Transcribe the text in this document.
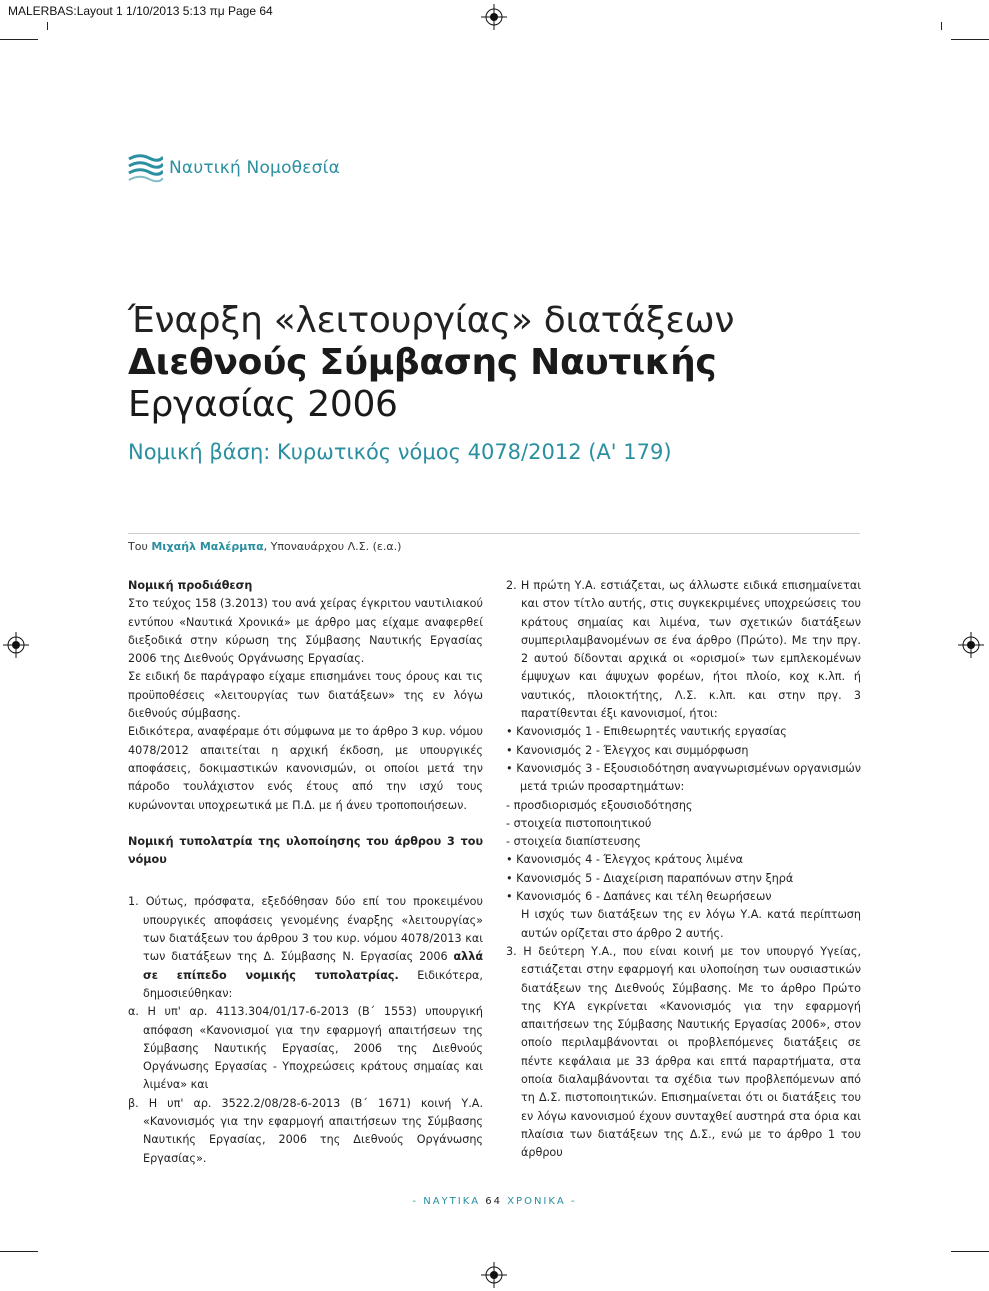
MALERBAS:Layout 1 1/10/2013 5:13 πμ Page 64
Ναυτική Νομοθεσία
Έναρξη «λειτουργίας» διατάξεων
Διεθνούς Σύμβασης Ναυτικής
Εργασίας 2006
Νομική βάση: Κυρωτικός νόμος 4078/2012 (Α' 179)
Του Μιχαήλ Μαλέρμπα, Υποναυάρχου Λ.Σ. (ε.α.)

Νομική προδιάθεση

Στο τεύχος 158 (3.2013) του ανά χείρας έγκριτου ναυτιλιακού εντύπου «Ναυτικά Χρονικά» με άρθρο μας είχαμε αναφερθεί διεξοδικά στην κύρωση της Σύμβασης Ναυτικής Εργασίας 2006 της Διεθνούς Οργάνωσης Εργασίας.

Σε ειδική δε παράγραφο είχαμε επισημάνει τους όρους και τις προϋποθέσεις «λειτουργίας των διατάξεων» της εν λόγω διεθνούς σύμβασης.

Ειδικότερα, αναφέραμε ότι σύμφωνα με το άρθρο 3 κυρ. νόμου 4078/2012 απαιτείται η αρχική έκδοση, με υπουργικές αποφάσεις, δοκιμαστικών κανονισμών, οι οποίοι μετά την πάροδο τουλάχιστον ενός έτους από την ισχύ τους κυρώνονται υποχρεωτικά με Π.Δ. με ή άνευ τροποποιήσεων.

Νομική τυπολατρία της υλοποίησης του άρθρου 3 του νόμου

1. Ούτως, πρόσφατα, εξεδόθησαν δύο επί του προκειμένου υπουργικές αποφάσεις γενομένης έναρξης «λειτουργίας» των διατάξεων του άρθρου 3 του κυρ. νόμου 4078/2013 και των διατάξεων της Δ. Σύμβασης Ν. Εργασίας 2006 αλλά σε επίπεδο νομικής τυπολατρίας. Ειδικότερα, δημοσιεύθηκαν:

α. Η υπ' αρ. 4113.304/01/17-6-2013 (Β΄ 1553) υπουργική απόφαση «Κανονισμοί για την εφαρμογή απαιτήσεων της Σύμβασης Ναυτικής Εργασίας, 2006 της Διεθνούς Οργάνωσης Εργασίας - Υποχρεώσεις κράτους σημαίας και λιμένα» και

β. Η υπ' αρ. 3522.2/08/28-6-2013 (Β΄ 1671) κοινή Υ.Α. «Κανονισμός για την εφαρμογή απαιτήσεων της Σύμβασης Ναυτικής Εργασίας, 2006 της Διεθνούς Οργάνωσης Εργασίας».

2. Η πρώτη Υ.Α. εστιάζεται, ως άλλωστε ειδικά επισημαίνεται και στον τίτλο αυτής, στις συγκεκριμένες υποχρεώσεις του κράτους σημαίας και λιμένα, των σχετικών διατάξεων συμπεριλαμβανομένων σε ένα άρθρο (Πρώτο). Με την πργ. 2 αυτού δίδονται αρχικά οι «ορισμοί» των εμπλεκομένων έμψυχων και άψυχων φορέων, ήτοι πλοίο, κοχ κ.λπ. ή ναυτικός, πλοιοκτήτης, Λ.Σ. κ.λπ. και στην πργ. 3 παρατίθενται έξι κανονισμοί, ήτοι:

• Κανονισμός 1 - Επιθεωρητές ναυτικής εργασίας

• Κανονισμός 2 - Έλεγχος και συμμόρφωση

• Κανονισμός 3 - Εξουσιοδότηση αναγνωρισμένων οργανισμών μετά τριών προσαρτημάτων:

- προσδιορισμός εξουσιοδότησης

- στοιχεία πιστοποιητικού

- στοιχεία διαπίστευσης

• Κανονισμός 4 - Έλεγχος κράτους λιμένα

• Κανονισμός 5 - Διαχείριση παραπόνων στην ξηρά

• Κανονισμός 6 - Δαπάνες και τέλη θεωρήσεων

Η ισχύς των διατάξεων της εν λόγω Υ.Α. κατά περίπτωση αυτών ορίζεται στο άρθρο 2 αυτής.

3. Η δεύτερη Υ.Α., που είναι κοινή με τον υπουργό Υγείας, εστιάζεται στην εφαρμογή και υλοποίηση των ουσιαστικών διατάξεων της Διεθνούς Σύμβασης. Με το άρθρο Πρώτο της ΚΥΑ εγκρίνεται «Κανονισμός για την εφαρμογή απαιτήσεων της Σύμβασης Ναυτικής Εργασίας 2006», στον οποίο περιλαμβάνονται οι προβλεπόμενες διατάξεις σε πέντε κεφάλαια με 33 άρθρα και επτά παραρτήματα, στα οποία διαλαμβάνονται τα σχέδια των προβλεπόμενων από τη Δ.Σ. πιστοποιητικών. Επισημαίνεται ότι οι διατάξεις του εν λόγω κανονισμού έχουν συνταχθεί αυστηρά στα όρια και πλαίσια των διατάξεων της Δ.Σ., ενώ με το άρθρο 1 του άρθρου

- ΝΑΥΤΙΚΑ 64 ΧΡΟΝΙΚΑ -
